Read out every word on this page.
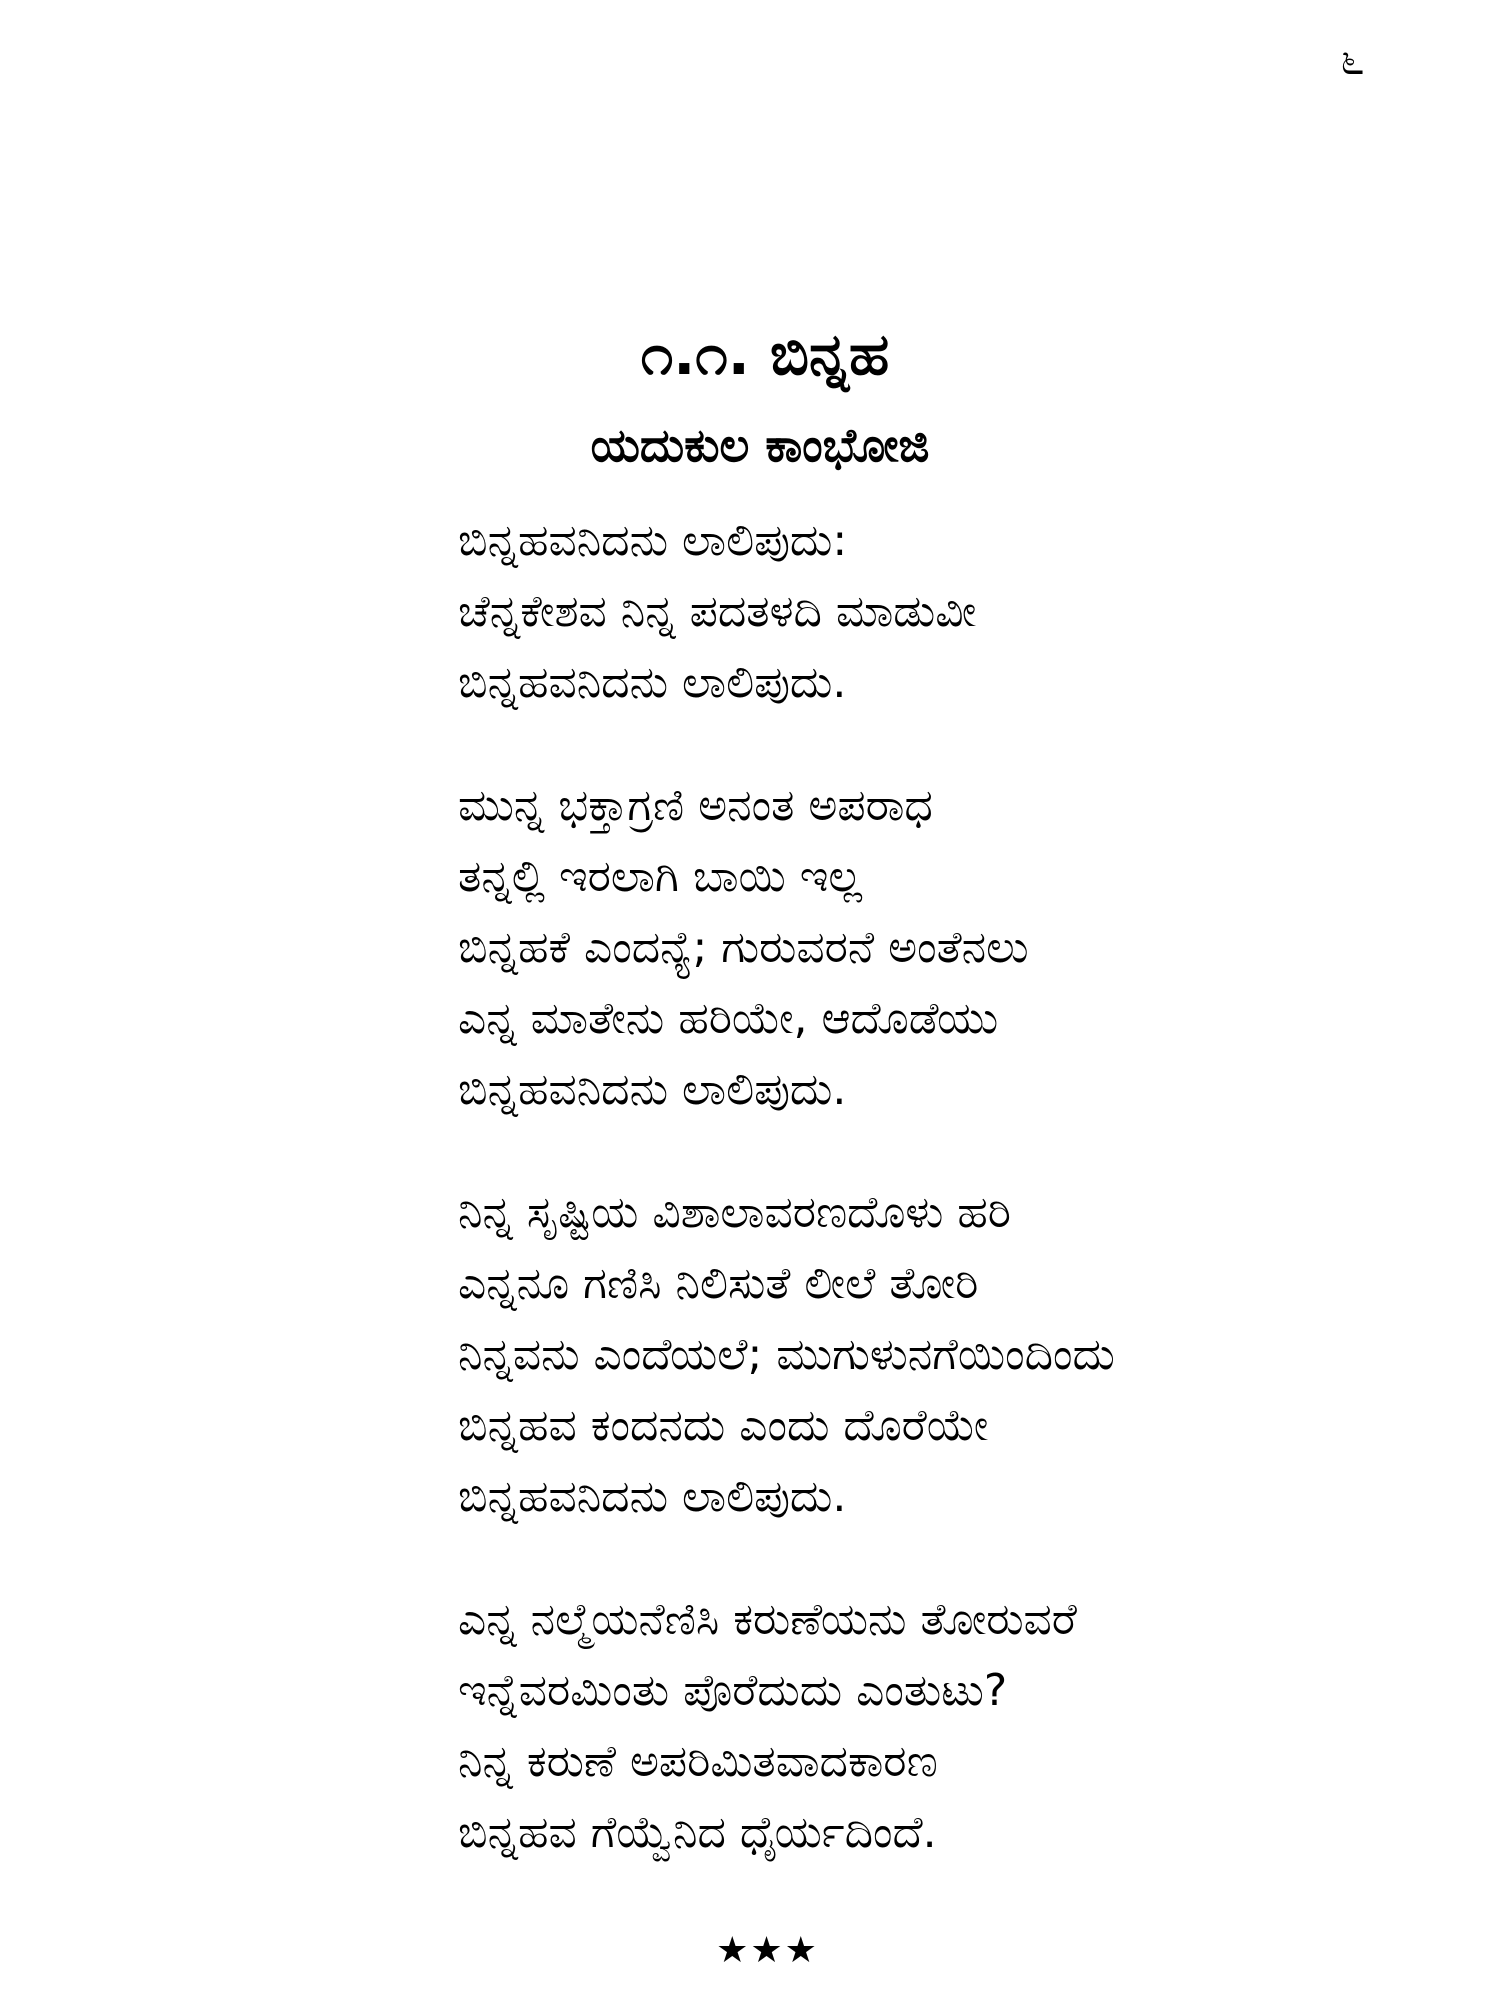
೬
೧.೧. ಬಿನ್ನಹ
ಯದುಕುಲ ಕಾಂಭೋಜಿ
ಬಿನ್ನಹವನಿದನು ಲಾಲಿಪುದು:
ಚೆನ್ನಕೇಶವ ನಿನ್ನ ಪದತಳದಿ ಮಾಡುವೀ
ಬಿನ್ನಹವನಿದನು ಲಾಲಿಪುದು.
ಮುನ್ನ ಭಕ್ತಾಗ್ರಣಿ ಅನಂತ ಅಪರಾಧ
ತನ್ನಲ್ಲಿ ಇರಲಾಗಿ ಬಾಯಿ ಇಲ್ಲ
ಬಿನ್ನಹಕೆ ಎಂದನ್ಯೆ; ಗುರುವರನೆ ಅಂತೆನಲು
ಎನ್ನ ಮಾತೇನು ಹರಿಯೇ, ಆದೊಡೆಯು
ಬಿನ್ನಹವನಿದನು ಲಾಲಿಪುದು.
ನಿನ್ನ ಸೃಷ್ಟಿಯ ವಿಶಾಲಾವರಣದೊಳು ಹರಿ
ಎನ್ನನೂ ಗಣಿಸಿ ನಿಲಿಸುತೆ ಲೀಲೆ ತೋರಿ
ನಿನ್ನವನು ಎಂದೆಯಲೆ; ಮುಗುಳುನಗೆಯಿಂದಿಂದು
ಬಿನ್ನಹವ ಕಂದನದು ಎಂದು ದೊರೆಯೇ
ಬಿನ್ನಹವನಿದನು ಲಾಲಿಪುದು.
ಎನ್ನ ನಲ್ಮೆಯನೆಣಿಸಿ ಕರುಣೆಯನು ತೋರುವರೆ
ಇನ್ನೆವರಮಿಂತು ಪೊರೆದುದು ಎಂತುಟು?
ನಿನ್ನ ಕರುಣೆ ಅಪರಿಮಿತವಾದಕಾರಣ
ಬಿನ್ನಹವ ಗೆಯ್ವೆನಿದ ಧೈರ್ಯದಿಂದೆ.
★★★
